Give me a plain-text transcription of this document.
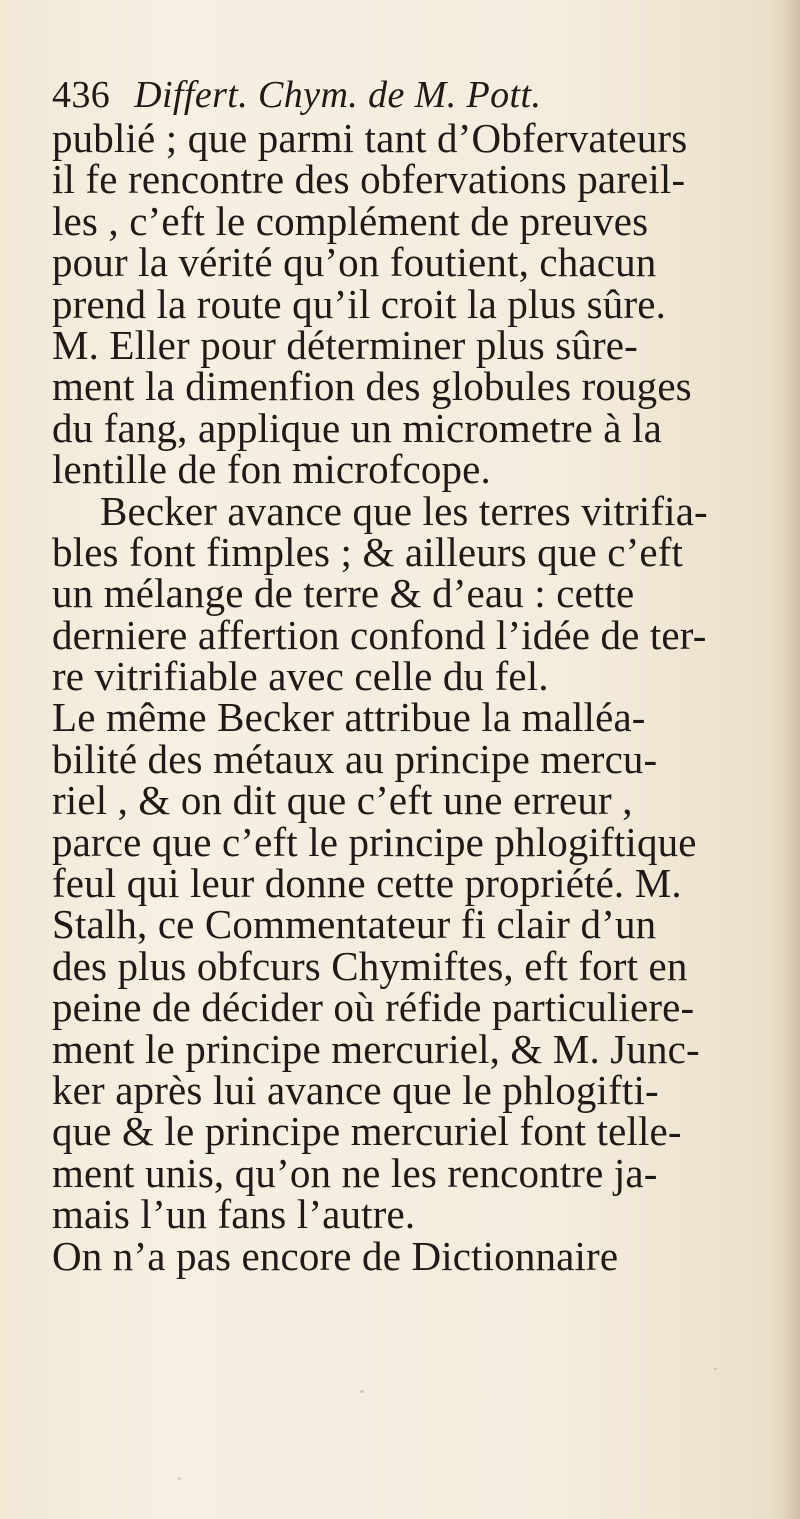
436 Differt. Chym. de M. Pott.
publié ; que parmi tant d’Obfervateurs
il fe rencontre des obfervations pareil-
les , c’eft le complément de preuves
pour la vérité qu’on foutient, chacun
prend la route qu’il croit la plus sûre.
M. Eller pour déterminer plus sûre-
ment la dimenfion des globules rouges
du fang, applique un micrometre à la
lentille de fon microfcope.
Becker avance que les terres vitrifia-
bles font fimples ; & ailleurs que c’eft
un mélange de terre & d’eau : cette
derniere affertion confond l’idée de ter-
re vitrifiable avec celle du fel.
Le même Becker attribue la malléa-
bilité des métaux au principe mercu-
riel , & on dit que c’eft une erreur ,
parce que c’eft le principe phlogiftique
feul qui leur donne cette propriété. M.
Stalh, ce Commentateur fi clair d’un
des plus obfcurs Chymiftes, eft fort en
peine de décider où réfide particuliere-
ment le principe mercuriel, & M. Junc-
ker après lui avance que le phlogifti-
que & le principe mercuriel font telle-
ment unis, qu’on ne les rencontre ja-
mais l’un fans l’autre.
On n’a pas encore de Dictionnaire
